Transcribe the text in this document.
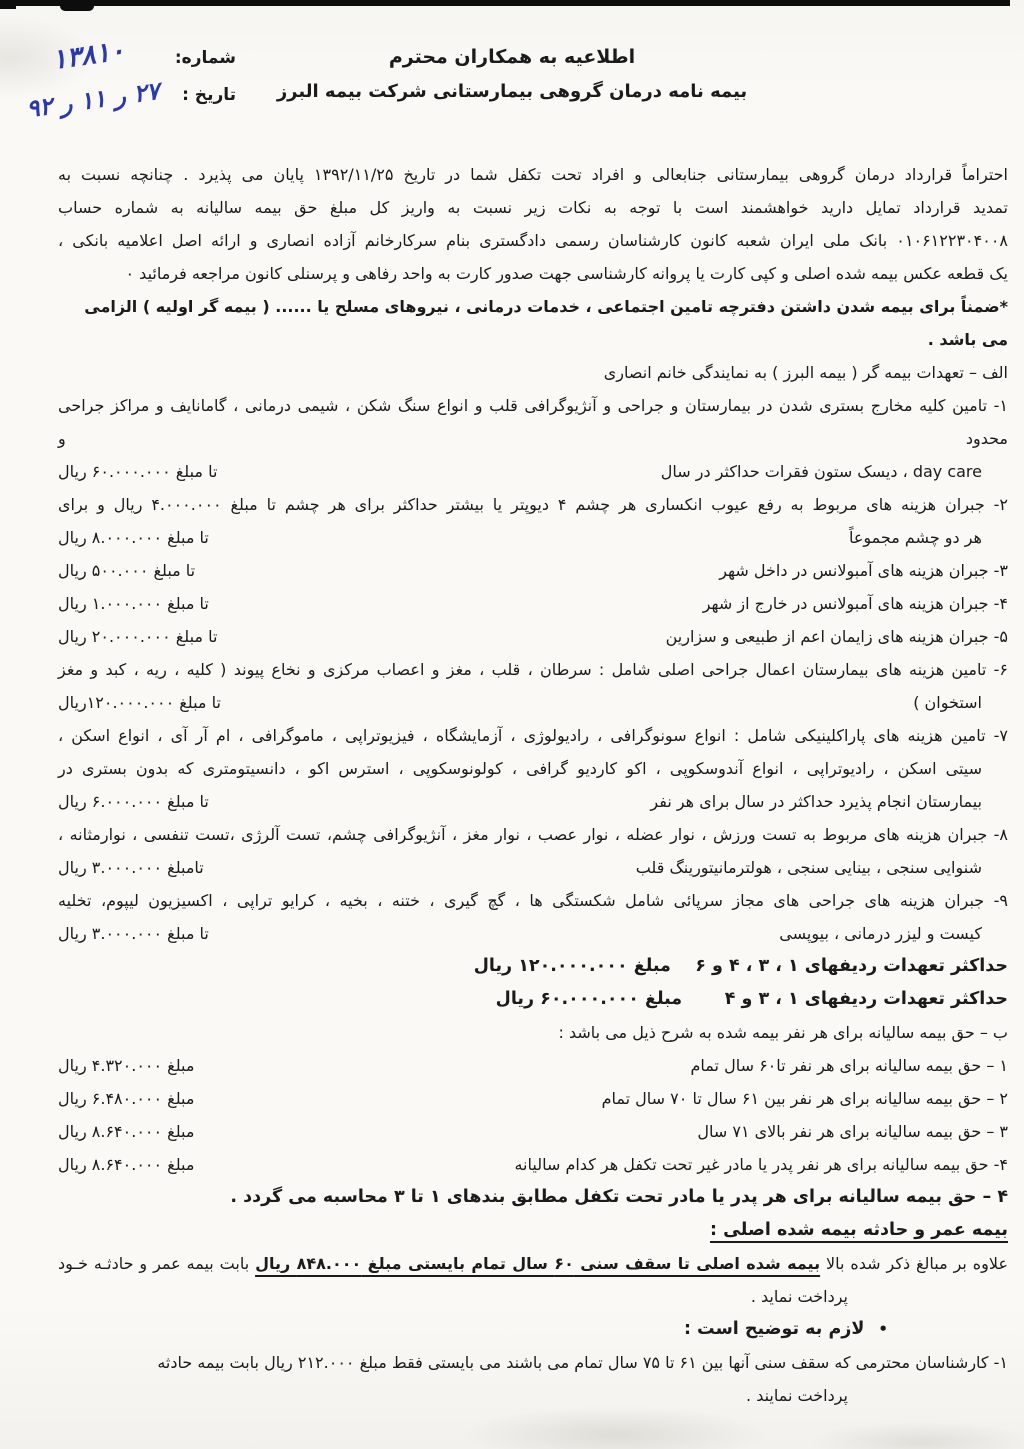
اطلاعیه به همکاران محترم
بیمه نامه درمان گروهی بیمارستانی شرکت بیمه البرز
شماره:
تاریخ :
۱۳۸۱۰
۹۲ ر ۱۱ ر ۲۷
احتراماً قرارداد درمان گروهی بیمارستانی جنابعالی و افراد تحت تکفل شما در تاریخ ۱۳۹۲/۱۱/۲۵ پایان می پذیرد . چنانچه نسبت به
تمدید قرارداد تمایل دارید خواهشمند است با توجه به نکات زیر نسبت به واریز کل مبلغ حق بیمه سالیانه به شماره حساب
۰۱۰۶۱۲۲۳۰۴۰۰۸ بانک ملی ایران شعبه کانون کارشناسان رسمی دادگستری بنام سرکارخانم آزاده انصاری و ارائه اصل اعلامیه بانکی ،
یک قطعه عکس بیمه شده اصلی و کپی کارت یا پروانه کارشناسی جهت صدور کارت به واحد رفاهی و پرسنلی کانون مراجعه فرمائید ۰
*ضمناً برای بیمه شدن داشتن دفترچه تامین اجتماعی ، خدمات درمانی ، نیروهای مسلح یا ...... ( بیمه گر اولیه ) الزامی می باشد .
الف – تعهدات بیمه گر ( بیمه البرز ) به نمایندگی خانم انصاری
۱- تامین کلیه مخارج بستری شدن در بیمارستان و جراحی و آنژیوگرافی قلب و انواع سنگ شکن ، شیمی درمانی ، گامانایف و مراکز جراحی محدود و
day care ، دیسک ستون فقرات حداکثر در سال
تا مبلغ ۶۰.۰۰۰.۰۰۰ ریال
۲- جبران هزینه های مربوط به رفع عیوب انکساری هر چشم ۴ دیوپتر یا بیشتر حداکثر برای هر چشم تا مبلغ ۴.۰۰۰.۰۰۰ ریال و برای
هر دو چشم مجموعاً
تا مبلغ ۸.۰۰۰.۰۰۰ ریال
۳- جبران هزینه های آمبولانس در داخل شهر
تا مبلغ ۵۰۰.۰۰۰ ریال
۴- جبران هزینه های آمبولانس در خارج از شهر
تا مبلغ ۱.۰۰۰.۰۰۰ ریال
۵- جبران هزینه های زایمان اعم از طبیعی و سزارین
تا مبلغ ۲۰.۰۰۰.۰۰۰ ریال
۶- تامین هزینه های بیمارستان اعمال جراحی اصلی شامل : سرطان ، قلب ، مغز و اعصاب مرکزی و نخاع پیوند ( کلیه ، ریه ، کبد و مغز
استخوان )
تا مبلغ ۱۲۰.۰۰۰.۰۰۰ریال
۷- تامین هزینه های پاراکلینیکی شامل : انواع سونوگرافی ، رادیولوژی ، آزمایشگاه ، فیزیوتراپی ، ماموگرافی ، ام آر آی ، انواع اسکن ،
سیتی اسکن ، رادیوتراپی ، انواع آندوسکوپی ، اکو کاردیو گرافی ، کولونوسکوپی ، استرس اکو ، دانسیتومتری که بدون بستری در
بیمارستان انجام پذیرد حداکثر در سال برای هر نفر
تا مبلغ ۶.۰۰۰.۰۰۰ ریال
۸- جبران هزینه های مربوط به تست ورزش ، نوار عضله ، نوار عصب ، نوار مغز ، آنژیوگرافی چشم، تست آلرژی ،تست تنفسی ، نوارمثانه ،
شنوایی سنجی ، بینایی سنجی ، هولترمانیتورینگ قلب
تامبلغ ۳.۰۰۰.۰۰۰ ریال
۹- جبران هزینه های جراحی های مجاز سرپائی شامل شکستگی ها ، گچ گیری ، ختنه ، بخیه ، کرایو تراپی ، اکسیزیون لیپوم، تخلیه
کیست و لیزر درمانی ، بیوپسی
تا مبلغ ۳.۰۰۰.۰۰۰ ریال
حداکثر تعهدات ردیفهای ۱ ، ۳ ، ۴ و ۶    مبلغ ۱۲۰.۰۰۰.۰۰۰ ریال
حداکثر تعهدات ردیفهای ۱ ، ۳ و ۴       مبلغ ۶۰.۰۰۰.۰۰۰ ریال
ب – حق بیمه سالیانه برای هر نفر بیمه شده به شرح ذیل می باشد :
۱ – حق بیمه سالیانه برای هر نفر تا۶۰ سال تمام
مبلغ ۴.۳۲۰.۰۰۰ ریال
۲ – حق بیمه سالیانه برای هر نفر بین ۶۱ سال تا ۷۰ سال تمام
مبلغ ۶.۴۸۰.۰۰۰ ریال
۳ – حق بیمه سالیانه برای هر نفر بالای ۷۱ سال
مبلغ ۸.۶۴۰.۰۰۰ ریال
۴- حق بیمه سالیانه برای هر نفر پدر یا مادر غیر تحت تکفل هر کدام سالیانه
مبلغ ۸.۶۴۰.۰۰۰ ریال
۴ – حق بیمه سالیانه برای هر پدر یا مادر تحت تکفل مطابق بندهای ۱ تا ۳ محاسبه می گردد .
بیمه عمر و حادثه بیمه شده اصلی :
علاوه بر مبالغ ذکر شده بالا بیمه شده اصلی تا سقف سنی ۶۰ سال تمام بایستی مبلغ ۸۴۸.۰۰۰ ریال بابت بیمه عمر و حادثـه خـود
پرداخت نماید .
•
لازم به توضیح است :
۱- کارشناسان محترمی که سقف سنی آنها بین ۶۱ تا ۷۵ سال تمام می باشند می بایستی فقط مبلغ ۲۱۲.۰۰۰ ریال بابت بیمه حادثه
پرداخت نمایند .
